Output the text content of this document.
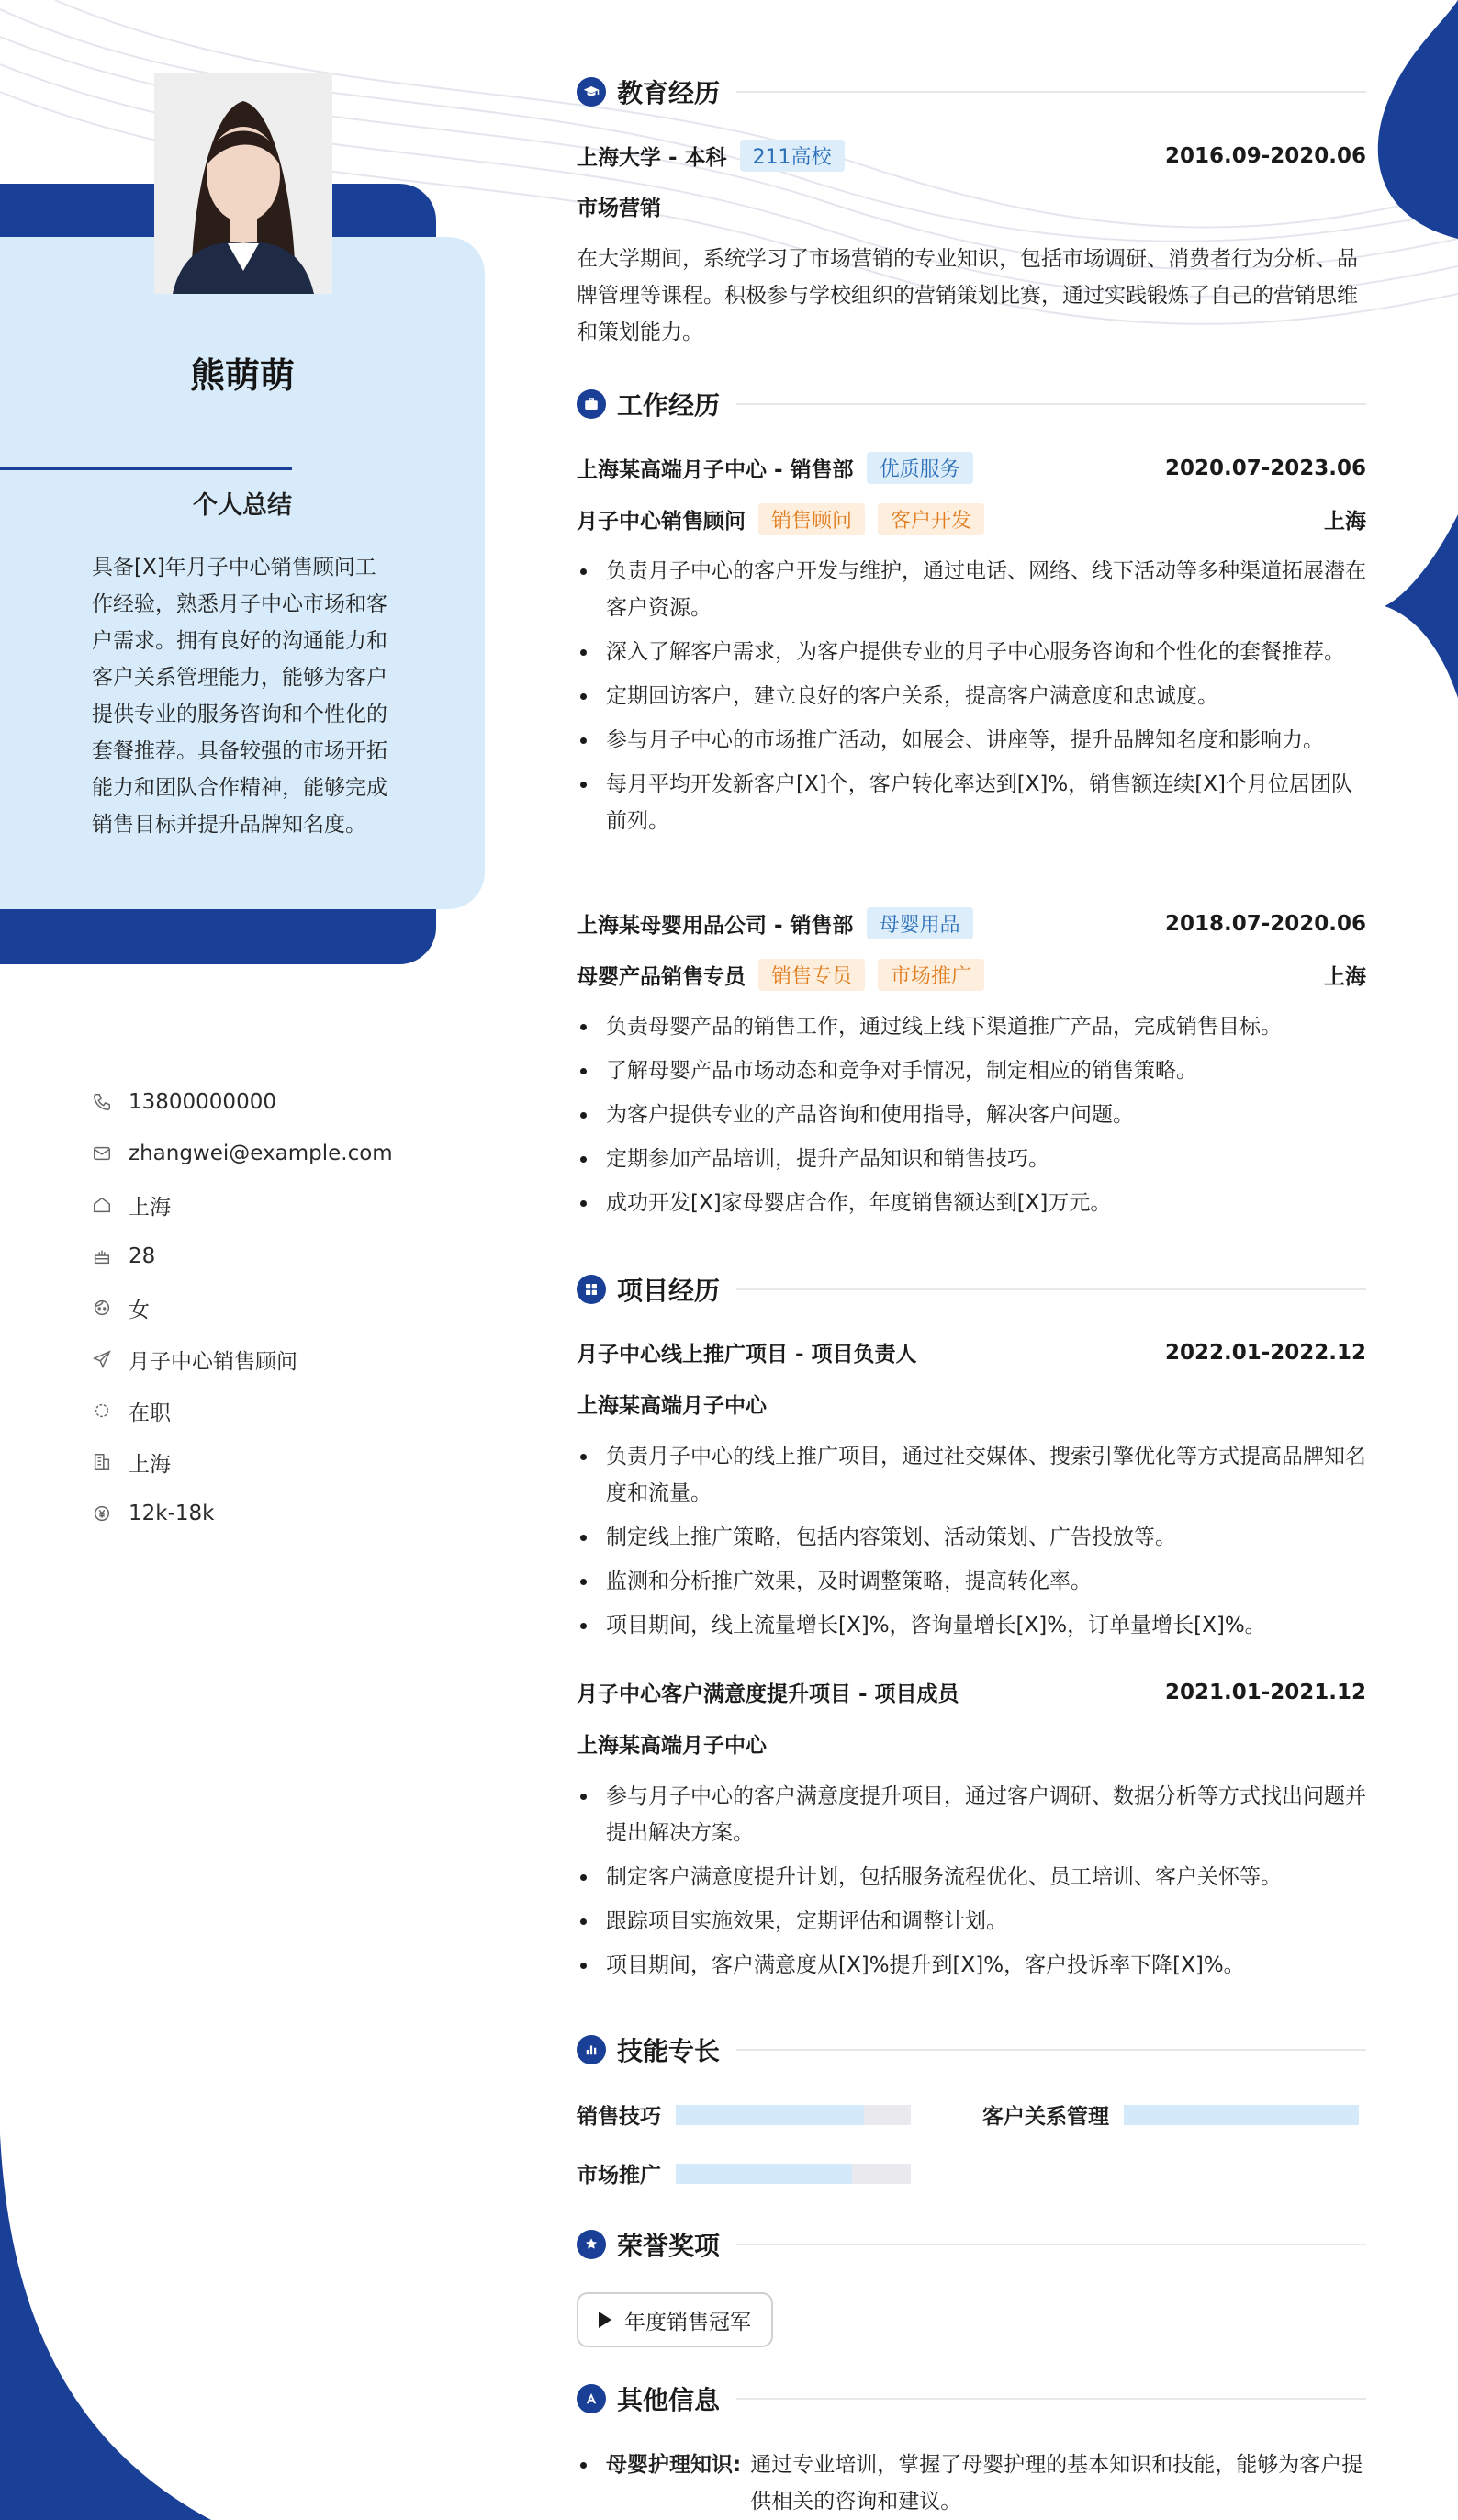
熊萌萌
个人总结
具备[X]年月子中心销售顾问工作经验，熟悉月子中心市场和客户需求。拥有良好的沟通能力和客户关系管理能力，能够为客户提供专业的服务咨询和个性化的套餐推荐。具备较强的市场开拓能力和团队合作精神，能够完成销售目标并提升品牌知名度。
13800000000
zhangwei@example.com
上海
28
女
月子中心销售顾问
在职
上海
12k-18k
教育经历
上海大学 - 本科	211高校	2016.09-2020.06
市场营销
在大学期间，系统学习了市场营销的专业知识，包括市场调研、消费者行为分析、品牌管理等课程。积极参与学校组织的营销策划比赛，通过实践锻炼了自己的营销思维和策划能力。
工作经历
上海某高端月子中心 - 销售部	优质服务	2020.07-2023.06
月子中心销售顾问	销售顾问	客户开发	上海
负责月子中心的客户开发与维护，通过电话、网络、线下活动等多种渠道拓展潜在客户资源。
深入了解客户需求，为客户提供专业的月子中心服务咨询和个性化的套餐推荐。
定期回访客户，建立良好的客户关系，提高客户满意度和忠诚度。
参与月子中心的市场推广活动，如展会、讲座等，提升品牌知名度和影响力。
每月平均开发新客户[X]个，客户转化率达到[X]%，销售额连续[X]个月位居团队前列。
上海某母婴用品公司 - 销售部	母婴用品	2018.07-2020.06
母婴产品销售专员	销售专员	市场推广	上海
负责母婴产品的销售工作，通过线上线下渠道推广产品，完成销售目标。
了解母婴产品市场动态和竞争对手情况，制定相应的销售策略。
为客户提供专业的产品咨询和使用指导，解决客户问题。
定期参加产品培训，提升产品知识和销售技巧。
成功开发[X]家母婴店合作，年度销售额达到[X]万元。
项目经历
月子中心线上推广项目 - 项目负责人	2022.01-2022.12
上海某高端月子中心
负责月子中心的线上推广项目，通过社交媒体、搜索引擎优化等方式提高品牌知名度和流量。
制定线上推广策略，包括内容策划、活动策划、广告投放等。
监测和分析推广效果，及时调整策略，提高转化率。
项目期间，线上流量增长[X]%，咨询量增长[X]%，订单量增长[X]%。
月子中心客户满意度提升项目 - 项目成员	2021.01-2021.12
上海某高端月子中心
参与月子中心的客户满意度提升项目，通过客户调研、数据分析等方式找出问题并提出解决方案。
制定客户满意度提升计划，包括服务流程优化、员工培训、客户关怀等。
跟踪项目实施效果，定期评估和调整计划。
项目期间，客户满意度从[X]%提升到[X]%，客户投诉率下降[X]%。
技能专长
销售技巧	客户关系管理
市场推广
荣誉奖项
年度销售冠军
其他信息
母婴护理知识: 通过专业培训，掌握了母婴护理的基本知识和技能，能够为客户提供相关的咨询和建议。
